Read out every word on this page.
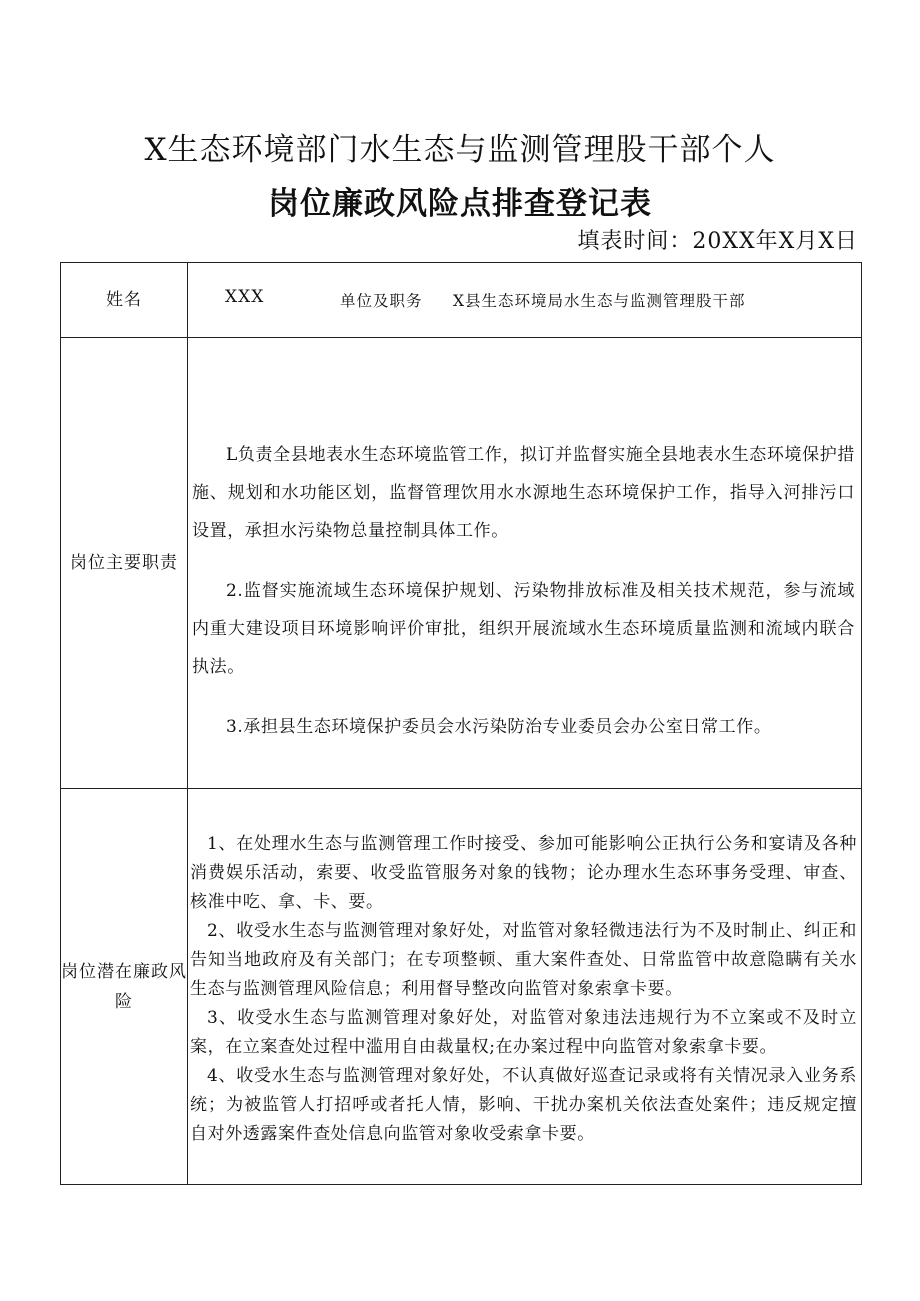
X生态环境部门水生态与监测管理股干部个人
岗位廉政风险点排查登记表
填表时间：20XX年X月X日
姓名	XXX 单位及职务 X县生态环境局水生态与监测管理股干部

岗位主要职责	L负责全县地表水生态环境监管工作，拟订并监督实施全县地表水生态环境保护措施、规划和水功能区划，监督管理饮用水水源地生态环境保护工作，指导入河排污口设置，承担水污染物总量控制具体工作。

2.监督实施流域生态环境保护规划、污染物排放标准及相关技术规范，参与流域内重大建设项目环境影响评价审批，组织开展流域水生态环境质量监测和流域内联合执法。

3.承担县生态环境保护委员会水污染防治专业委员会办公室日常工作。

岗位潜在廉政风险	1、在处理水生态与监测管理工作时接受、参加可能影响公正执行公务和宴请及各种消费娱乐活动，索要、收受监管服务对象的钱物；论办理水生态环事务受理、审查、核准中吃、拿、卡、要。

2、收受水生态与监测管理对象好处，对监管对象轻微违法行为不及时制止、纠正和告知当地政府及有关部门；在专项整顿、重大案件查处、日常监管中故意隐瞒有关水生态与监测管理风险信息；利用督导整改向监管对象索拿卡要。

3、收受水生态与监测管理对象好处，对监管对象违法违规行为不立案或不及时立案，在立案查处过程中滥用自由裁量权;在办案过程中向监管对象索拿卡要。

4、收受水生态与监测管理对象好处，不认真做好巡查记录或将有关情况录入业务系统；为被监管人打招呼或者托人情，影响、干扰办案机关依法查处案件；违反规定擅自对外透露案件查处信息向监管对象收受索拿卡要。
